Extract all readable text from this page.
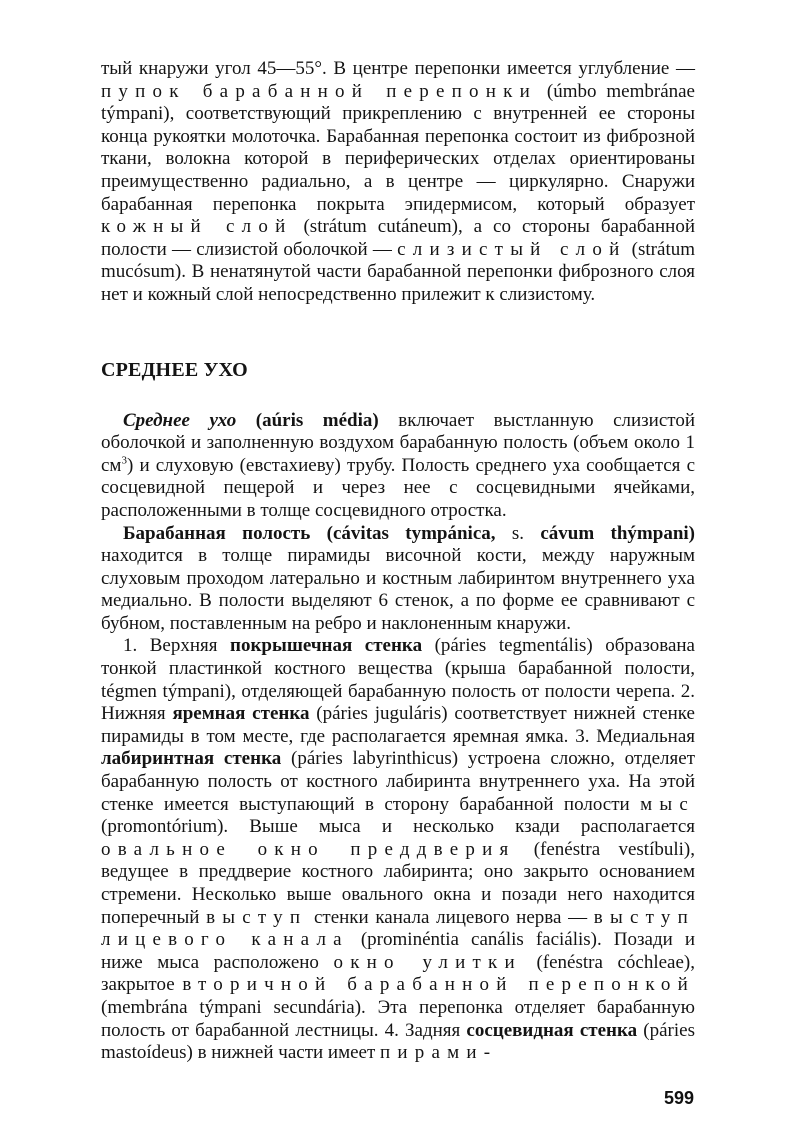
тый кнаружи угол 45—55°. В центре перепонки имеется углубление — пупок барабанной перепонки (úmbo membránae týmpani), соответствующий прикреплению с внутренней ее стороны конца рукоятки молоточка. Барабанная перепонка состоит из фиброзной ткани, волокна которой в периферических отделах ориентированы преимущественно радиально, а в центре — циркулярно. Снаружи барабанная перепонка покрыта эпидермисом, который образует кожный слой (strátum cutáneum), а со стороны барабанной полости — слизистой оболочкой — слизистый слой (strátum mucósum). В ненатянутой части барабанной перепонки фиброзного слоя нет и кожный слой непосредственно прилежит к слизистому.

СРЕДНЕЕ УХО

Среднее ухо (aúris média) включает выстланную слизистой оболочкой и заполненную воздухом барабанную полость (объем около 1 $см^3$) и слуховую (евстахиеву) трубу. Полость среднего уха сообщается с сосцевидной пещерой и через нее с сосцевидными ячейками, расположенными в толще сосцевидного отростка.

Барабанная полость (cávitas tympánica, s. cávum thýmpani) находится в толще пирамиды височной кости, между наружным слуховым проходом латерально и костным лабиринтом внутреннего уха медиально. В полости выделяют 6 стенок, а по форме ее сравнивают с бубном, поставленным на ребро и наклоненным кнаружи.

1. Верхняя покрышечная стенка (páries tegmentális) образована тонкой пластинкой костного вещества (крыша барабанной полости, tégmen týmpani), отделяющей барабанную полость от полости черепа. 2. Нижняя яремная стенка (páries juguláris) соответствует нижней стенке пирамиды в том месте, где располагается яремная ямка. 3. Медиальная лабиринтная стенка (páries labyrinthicus) устроена сложно, отделяет барабанную полость от костного лабиринта внутреннего уха. На этой стенке имеется выступающий в сторону барабанной полости мыс (promontórium). Выше мыса и несколько кзади располагается овальное окно преддверия (fenéstra vestíbuli), ведущее в преддверие костного лабиринта; оно закрыто основанием стремени. Несколько выше овального окна и позади него находится поперечный выступ стенки канала лицевого нерва — выступ лицевого канала (prominéntia canális faciális). Позади и ниже мыса расположено окно улитки (fenéstra cóchleae), закрытое вторичной барабанной перепонкой (membrána týmpani secundária). Эта перепонка отделяет барабанную полость от барабанной лестницы. 4. Задняя сосцевидная стенка (páries mastoídeus) в нижней части имеет пирами-

599
